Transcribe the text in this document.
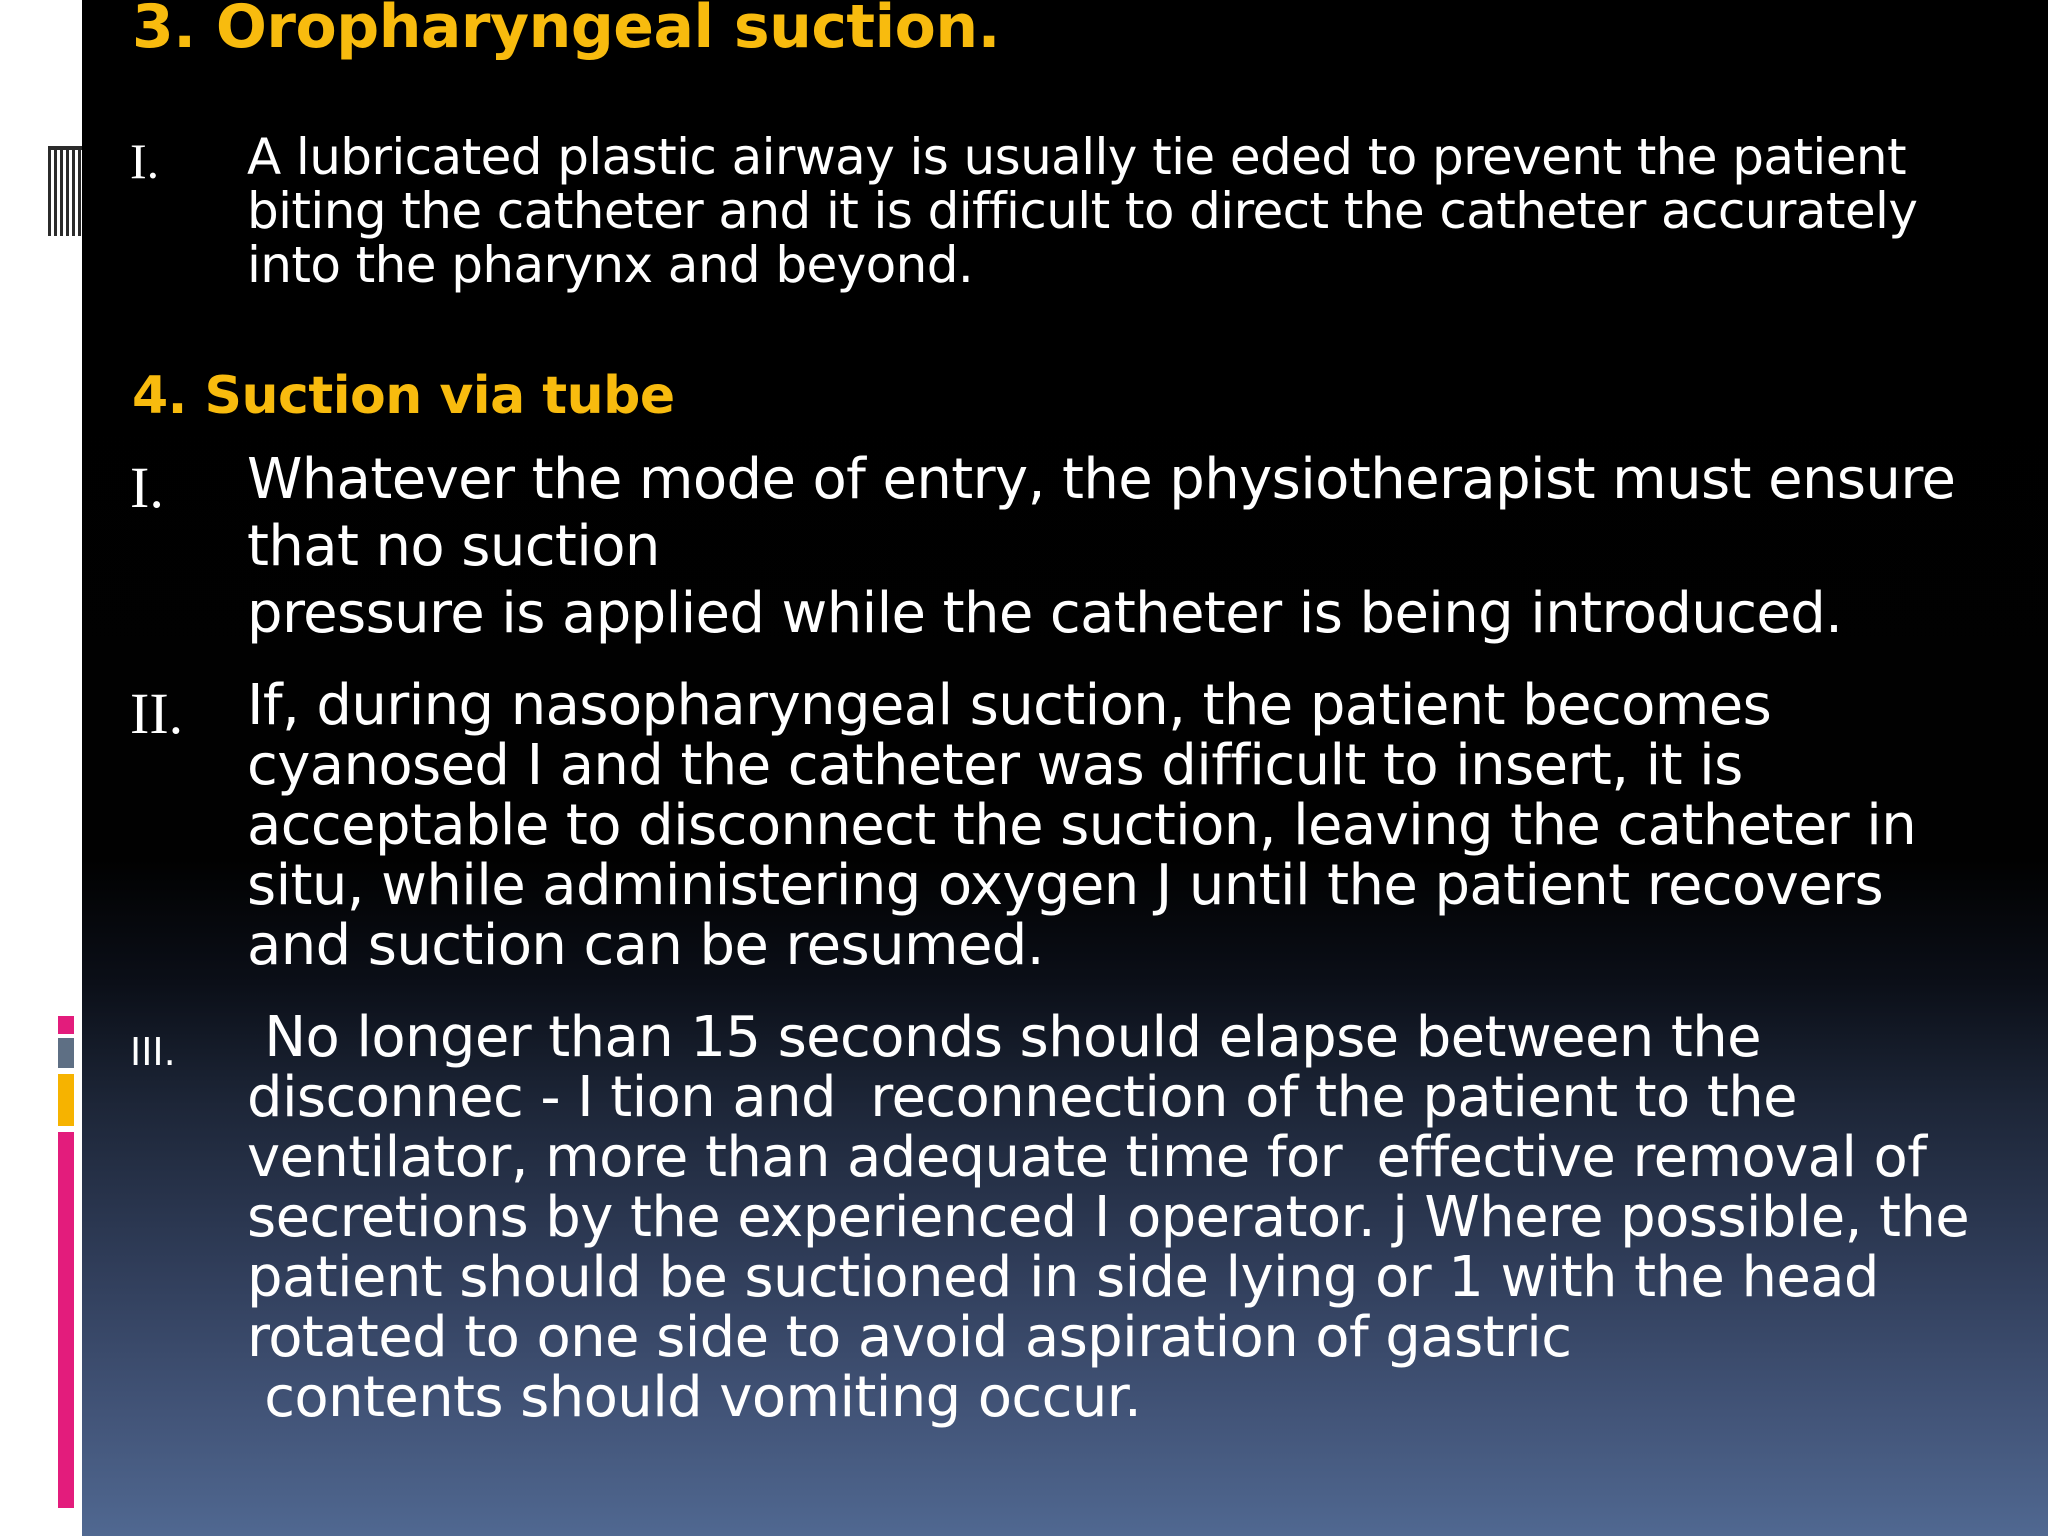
3. Oropharyngeal suction.
I. A lubricated plastic airway is usually tie eded to prevent the patient
biting the catheter and it is difficult to direct the catheter accurately
into the pharynx and beyond.
4. Suction via tube
I. Whatever the mode of entry, the physiotherapist must ensure
that no suction
pressure is applied while the catheter is being introduced.
II. If, during nasopharyngeal suction, the patient becomes
cyanosed I and the catheter was difficult to insert, it is
acceptable to disconnect the suction, leaving the catheter in
situ, while administering oxygen J until the patient recovers
and suction can be resumed.
III. No longer than 15 seconds should elapse between the
disconnec - I tion and  reconnection of the patient to the
ventilator, more than adequate time for  effective removal of
secretions by the experienced I operator. j Where possible, the
patient should be suctioned in side lying or 1 with the head
rotated to one side to avoid aspiration of gastric
contents should vomiting occur.
